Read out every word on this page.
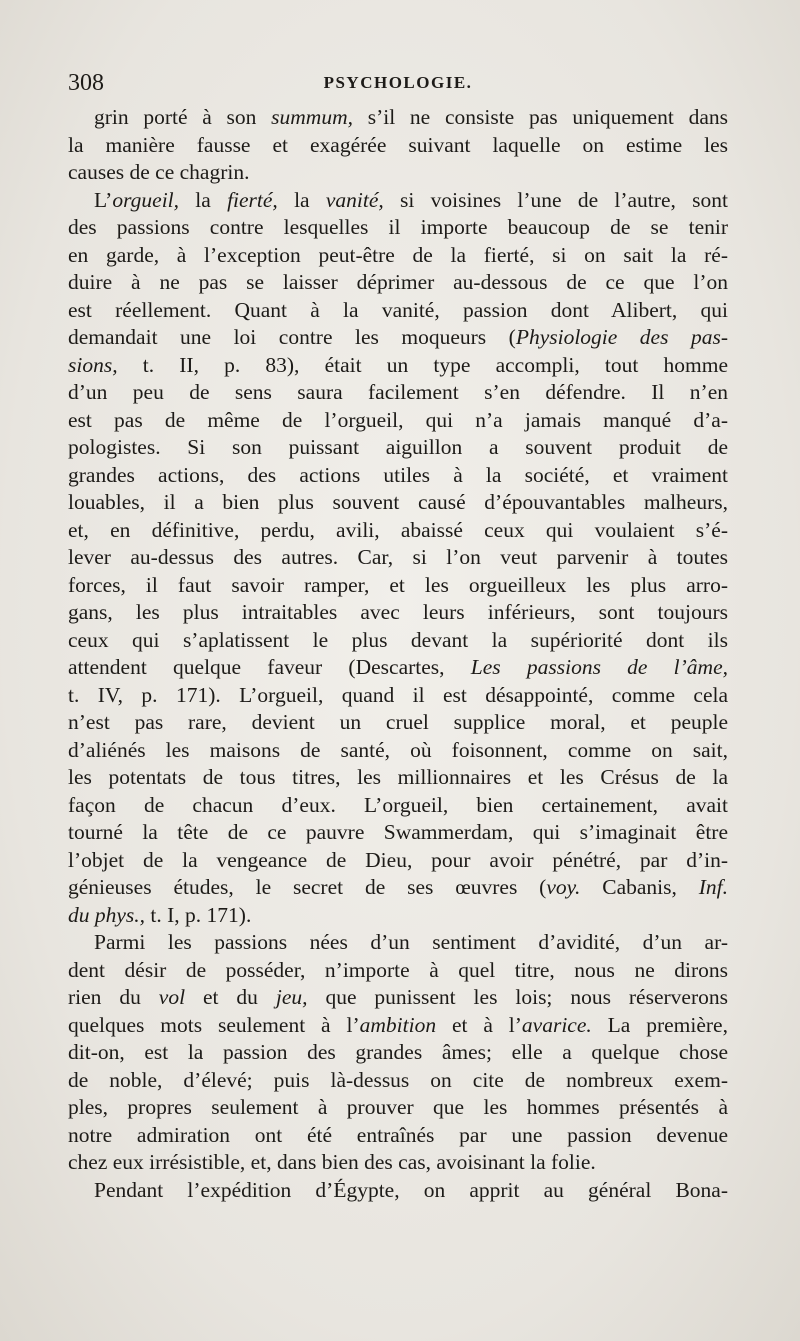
308	PSYCHOLOGIE.
grin porté à son summum, s’il ne consiste pas uniquement dans
la manière fausse et exagérée suivant laquelle on estime les
causes de ce chagrin.
L’orgueil, la fierté, la vanité, si voisines l’une de l’autre, sont
des passions contre lesquelles il importe beaucoup de se tenir
en garde, à l’exception peut-être de la fierté, si on sait la ré-
duire à ne pas se laisser déprimer au-dessous de ce que l’on
est réellement. Quant à la vanité, passion dont Alibert, qui
demandait une loi contre les moqueurs (Physiologie des pas-
sions, t. II, p. 83), était un type accompli, tout homme
d’un peu de sens saura facilement s’en défendre. Il n’en
est pas de même de l’orgueil, qui n’a jamais manqué d’a-
pologistes. Si son puissant aiguillon a souvent produit de
grandes actions, des actions utiles à la société, et vraiment
louables, il a bien plus souvent causé d’épouvantables malheurs,
et, en définitive, perdu, avili, abaissé ceux qui voulaient s’é-
lever au-dessus des autres. Car, si l’on veut parvenir à toutes
forces, il faut savoir ramper, et les orgueilleux les plus arro-
gans, les plus intraitables avec leurs inférieurs, sont toujours
ceux qui s’aplatissent le plus devant la supériorité dont ils
attendent quelque faveur (Descartes, Les passions de l’âme,
t. IV, p. 171). L’orgueil, quand il est désappointé, comme cela
n’est pas rare, devient un cruel supplice moral, et peuple
d’aliénés les maisons de santé, où foisonnent, comme on sait,
les potentats de tous titres, les millionnaires et les Crésus de la
façon de chacun d’eux. L’orgueil, bien certainement, avait
tourné la tête de ce pauvre Swammerdam, qui s’imaginait être
l’objet de la vengeance de Dieu, pour avoir pénétré, par d’in-
génieuses études, le secret de ses œuvres (voy. Cabanis, Inf.
du phys., t. I, p. 171).
Parmi les passions nées d’un sentiment d’avidité, d’un ar-
dent désir de posséder, n’importe à quel titre, nous ne dirons
rien du vol et du jeu, que punissent les lois; nous réserverons
quelques mots seulement à l’ambition et à l’avarice. La première,
dit-on, est la passion des grandes âmes; elle a quelque chose
de noble, d’élevé; puis là-dessus on cite de nombreux exem-
ples, propres seulement à prouver que les hommes présentés à
notre admiration ont été entraînés par une passion devenue
chez eux irrésistible, et, dans bien des cas, avoisinant la folie.
Pendant l’expédition d’Égypte, on apprit au général Bona-
